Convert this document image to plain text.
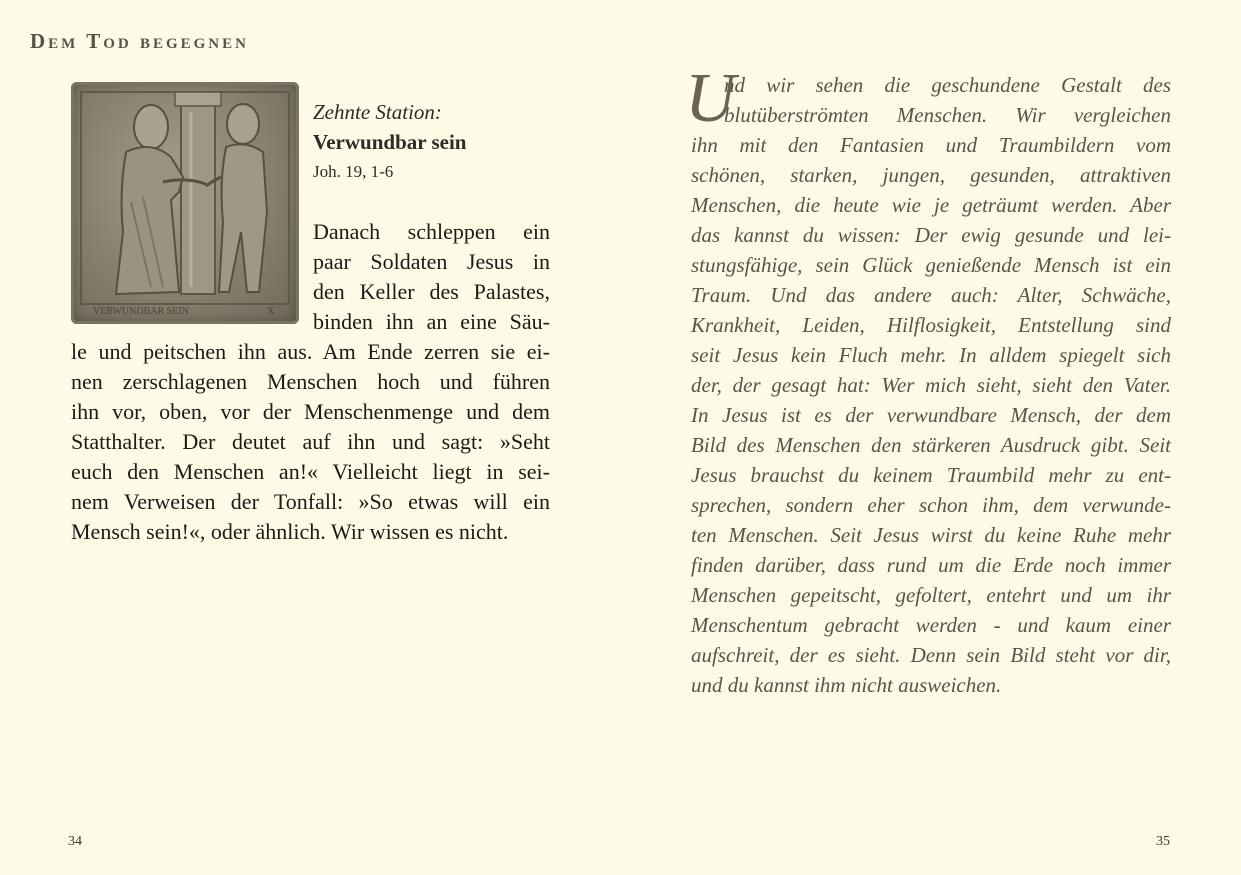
Dem Tod begegnen
VERWUNDBAR SEIN	X
Zehnte Station:
Verwundbar sein
Joh. 19, 1-6
Danach schleppen ein
paar Soldaten Jesus in
den Keller des Palastes,
binden ihn an eine Säu-
le und peitschen ihn aus. Am Ende zerren sie ei-
nen zerschlagenen Menschen hoch und führen
ihn vor, oben, vor der Menschenmenge und dem
Statthalter. Der deutet auf ihn und sagt: »Seht
euch den Menschen an!« Vielleicht liegt in sei-
nem Verweisen der Tonfall: »So etwas will ein
Mensch sein!«, oder ähnlich. Wir wissen es nicht.
U
nd wir sehen die geschundene Gestalt des
blutüberströmten Menschen. Wir vergleichen
ihn mit den Fantasien und Traumbildern vom
schönen, starken, jungen, gesunden, attraktiven
Menschen, die heute wie je geträumt werden. Aber
das kannst du wissen: Der ewig gesunde und lei-
stungsfähige, sein Glück genießende Mensch ist ein
Traum. Und das andere auch: Alter, Schwäche,
Krankheit, Leiden, Hilflosigkeit, Entstellung sind
seit Jesus kein Fluch mehr. In alldem spiegelt sich
der, der gesagt hat: Wer mich sieht, sieht den Vater.
In Jesus ist es der verwundbare Mensch, der dem
Bild des Menschen den stärkeren Ausdruck gibt. Seit
Jesus brauchst du keinem Traumbild mehr zu ent-
sprechen, sondern eher schon ihm, dem verwunde-
ten Menschen. Seit Jesus wirst du keine Ruhe mehr
finden darüber, dass rund um die Erde noch immer
Menschen gepeitscht, gefoltert, entehrt und um ihr
Menschentum gebracht werden - und kaum einer
aufschreit, der es sieht. Denn sein Bild steht vor dir,
und du kannst ihm nicht ausweichen.
34	35
